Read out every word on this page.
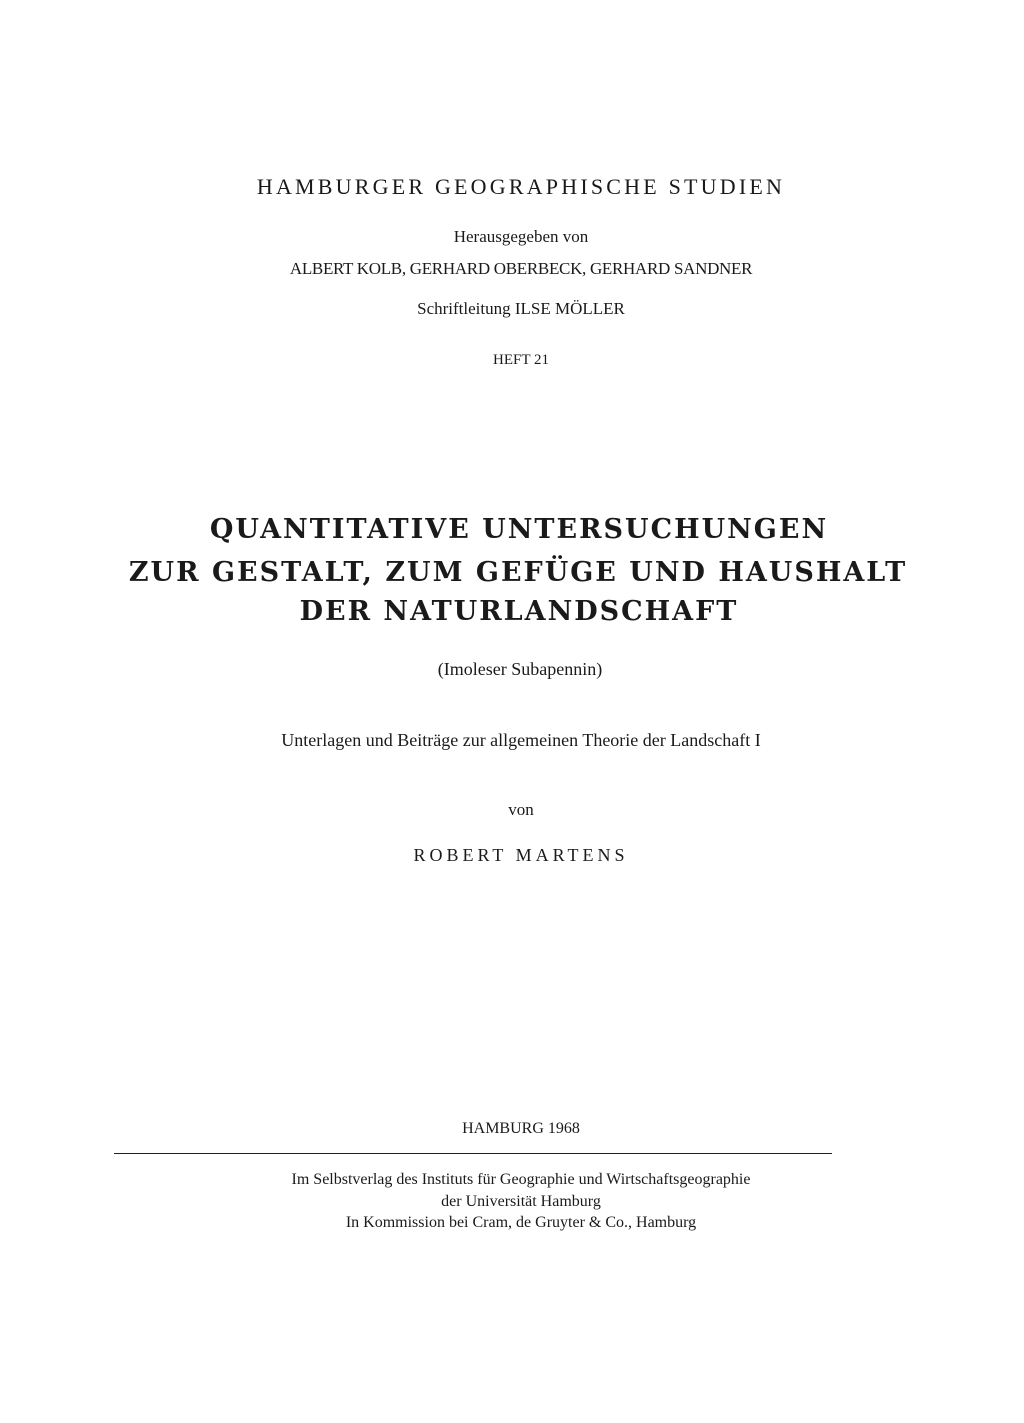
HAMBURGER GEOGRAPHISCHE STUDIEN
Herausgegeben von
ALBERT KOLB, GERHARD OBERBECK, GERHARD SANDNER
Schriftleitung ILSE MÖLLER
HEFT 21
QUANTITATIVE UNTERSUCHUNGEN
ZUR GESTALT, ZUM GEFÜGE UND HAUSHALT
DER NATURLANDSCHAFT
(Imoleser Subapennin)
Unterlagen und Beiträge zur allgemeinen Theorie der Landschaft I
von
ROBERT MARTENS
HAMBURG 1968
Im Selbstverlag des Instituts für Geographie und Wirtschaftsgeographie
der Universität Hamburg
In Kommission bei Cram, de Gruyter & Co., Hamburg
